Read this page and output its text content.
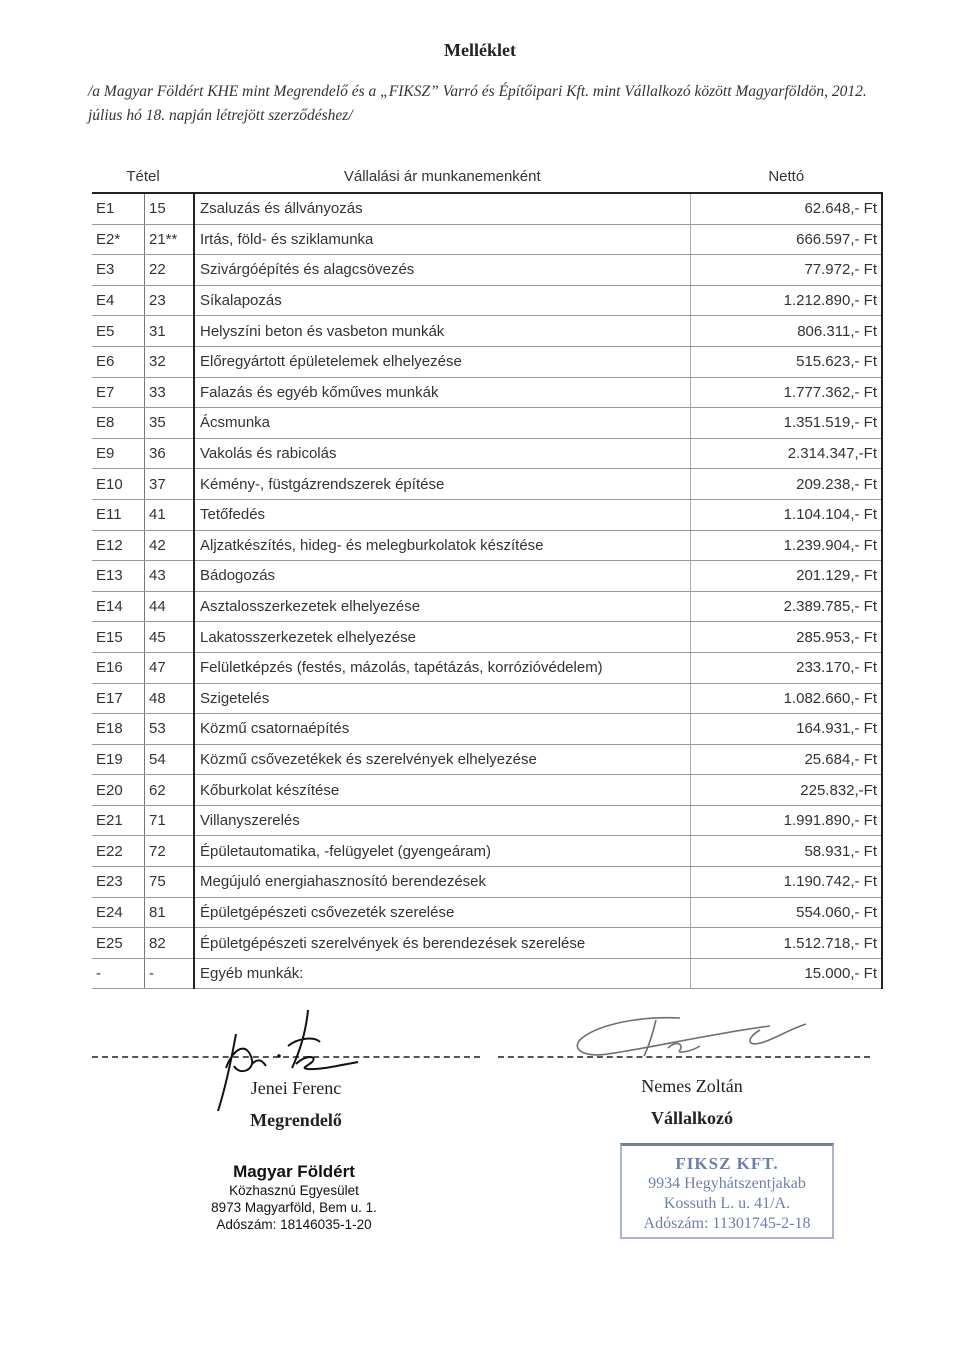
Melléklet
/a Magyar Földért KHE mint Megrendelő és a „FIKSZ” Varró és Építőipari Kft. mint Vállalkozó között Magyarföldön, 2012. július hó 18. napján létrejött szerződéshez/
Tétel		Vállalási ár munkanemenként	Nettó
E1	15	Zsaluzás és állványozás	62.648,- Ft
E2*	21**	Irtás, föld- és sziklamunka	666.597,- Ft
E3	22	Szivárgóépítés és alagcsövezés	77.972,- Ft
E4	23	Síkalapozás	1.212.890,- Ft
E5	31	Helyszíni beton és vasbeton munkák	806.311,- Ft
E6	32	Előregyártott épületelemek elhelyezése	515.623,- Ft
E7	33	Falazás és egyéb kőműves munkák	1.777.362,- Ft
E8	35	Ácsmunka	1.351.519,- Ft
E9	36	Vakolás és rabicolás	2.314.347,-Ft
E10	37	Kémény-, füstgázrendszerek építése	209.238,- Ft
E11	41	Tetőfedés	1.104.104,- Ft
E12	42	Aljzatkészítés, hideg- és melegburkolatok készítése	1.239.904,- Ft
E13	43	Bádogozás	201.129,- Ft
E14	44	Asztalosszerkezetek elhelyezése	2.389.785,- Ft
E15	45	Lakatosszerkezetek elhelyezése	285.953,- Ft
E16	47	Felületképzés (festés, mázolás, tapétázás, korrózióvédelem)	233.170,- Ft
E17	48	Szigetelés	1.082.660,- Ft
E18	53	Közmű csatornaépítés	164.931,- Ft
E19	54	Közmű csővezetékek és szerelvények elhelyezése	25.684,- Ft
E20	62	Kőburkolat készítése	225.832,-Ft
E21	71	Villanyszerelés	1.991.890,- Ft
E22	72	Épületautomatika, -felügyelet (gyengeáram)	58.931,- Ft
E23	75	Megújuló energiahasznosító berendezések	1.190.742,- Ft
E24	81	Épületgépészeti csővezeték szerelése	554.060,- Ft
E25	82	Épületgépészeti szerelvények és berendezések szerelése	1.512.718,- Ft
-	-	Egyéb munkák:	15.000,- Ft
Jenei Ferenc
Megrendelő
Nemes Zoltán
Vállalkozó
Magyar Földért
Közhasznú Egyesület
8973 Magyarföld, Bem u. 1.
Adószám: 18146035-1-20
FIKSZ KFT.
9934 Hegyhátszentjakab
Kossuth L. u. 41/A.
Adószám: 11301745-2-18
